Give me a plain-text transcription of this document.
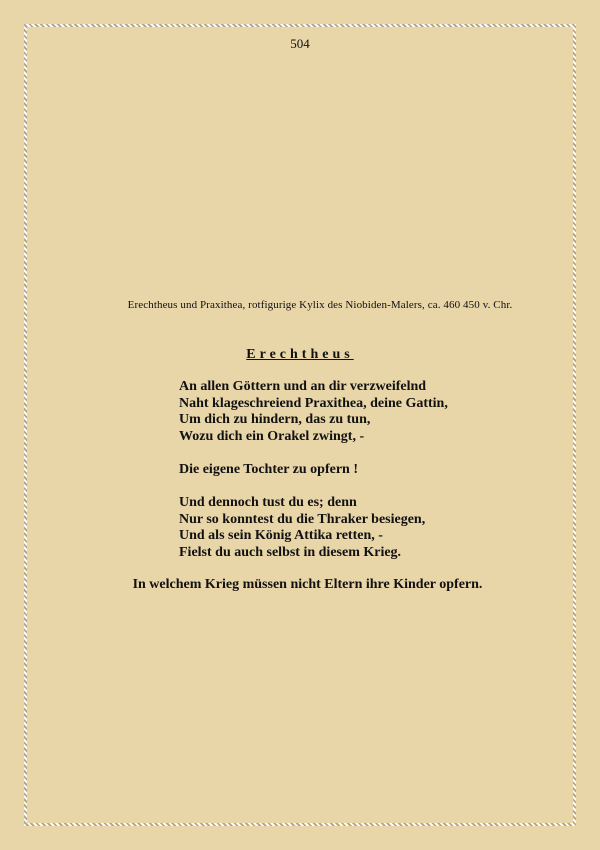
504
Erechtheus und Praxithea, rotfigurige Kylix des Niobiden-Malers, ca. 460 450 v. Chr.
Erechtheus
An allen Göttern und an dir verzweifelnd
Naht klageschreiend Praxithea, deine Gattin,
Um dich zu hindern, das zu tun,
Wozu dich ein Orakel zwingt, -
Die eigene Tochter zu opfern !
Und dennoch tust du es; denn
Nur so konntest du die Thraker besiegen,
Und als sein König Attika retten, -
Fielst du auch selbst in diesem Krieg.
In welchem Krieg müssen nicht Eltern ihre Kinder opfern.
